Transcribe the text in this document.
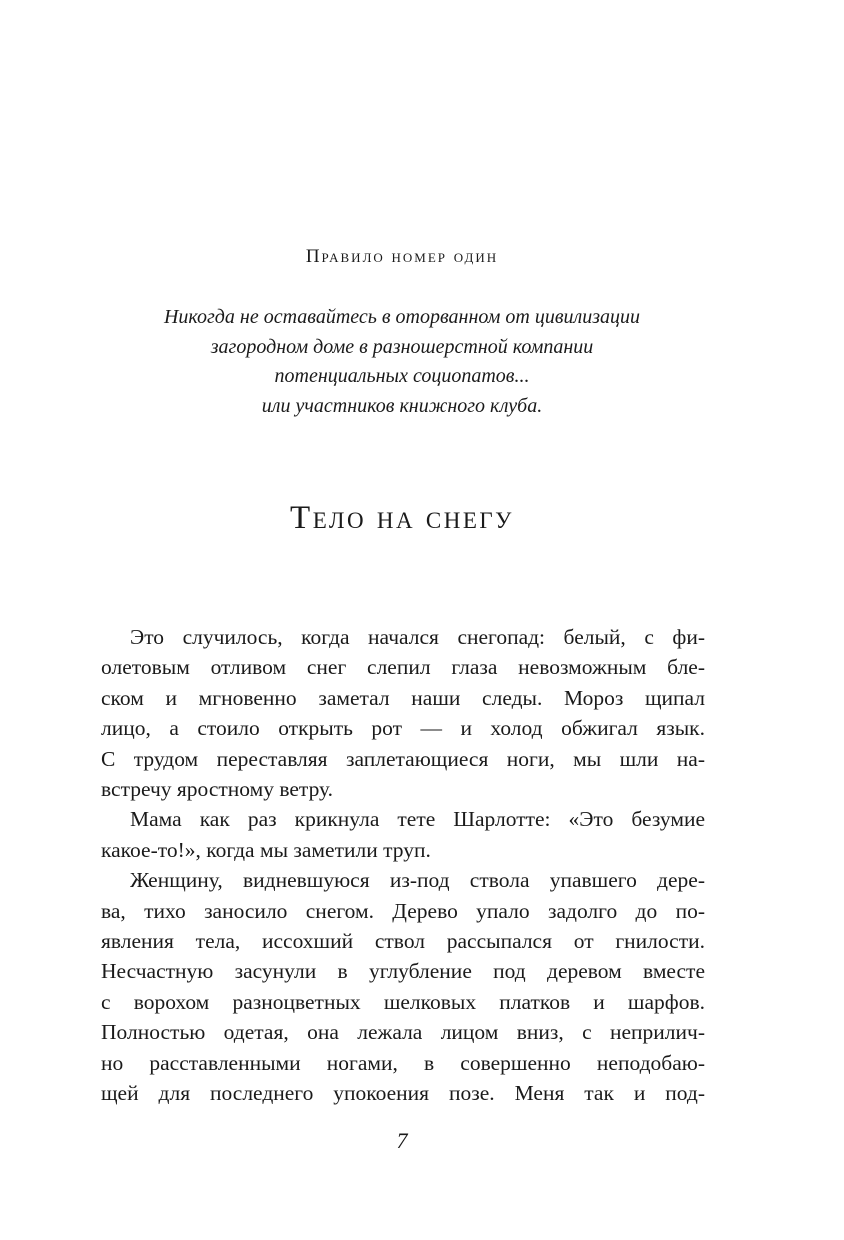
Правило номер один

Никогда не оставайтесь в оторванном от цивилизации
загородном доме в разношерстной компании
потенциальных социопатов...
или участников книжного клуба.

Тело на снегу
Это случилось, когда начался снегопад: белый, с фи-
олетовым отливом снег слепил глаза невозможным бле-
ском и мгновенно заметал наши следы. Мороз щипал
лицо, а стоило открыть рот — и холод обжигал язык.
С трудом переставляя заплетающиеся ноги, мы шли на-
встречу яростному ветру.
Мама как раз крикнула тете Шарлотте: «Это безумие
какое-то!», когда мы заметили труп.
Женщину, видневшуюся из-под ствола упавшего дере-
ва, тихо заносило снегом. Дерево упало задолго до по-
явления тела, иссохший ствол рассыпался от гнилости.
Несчастную засунули в углубление под деревом вместе
с ворохом разноцветных шелковых платков и шарфов.
Полностью одетая, она лежала лицом вниз, с неприлич-
но расставленными ногами, в совершенно неподобаю-
щей для последнего упокоения позе. Меня так и под-

7
